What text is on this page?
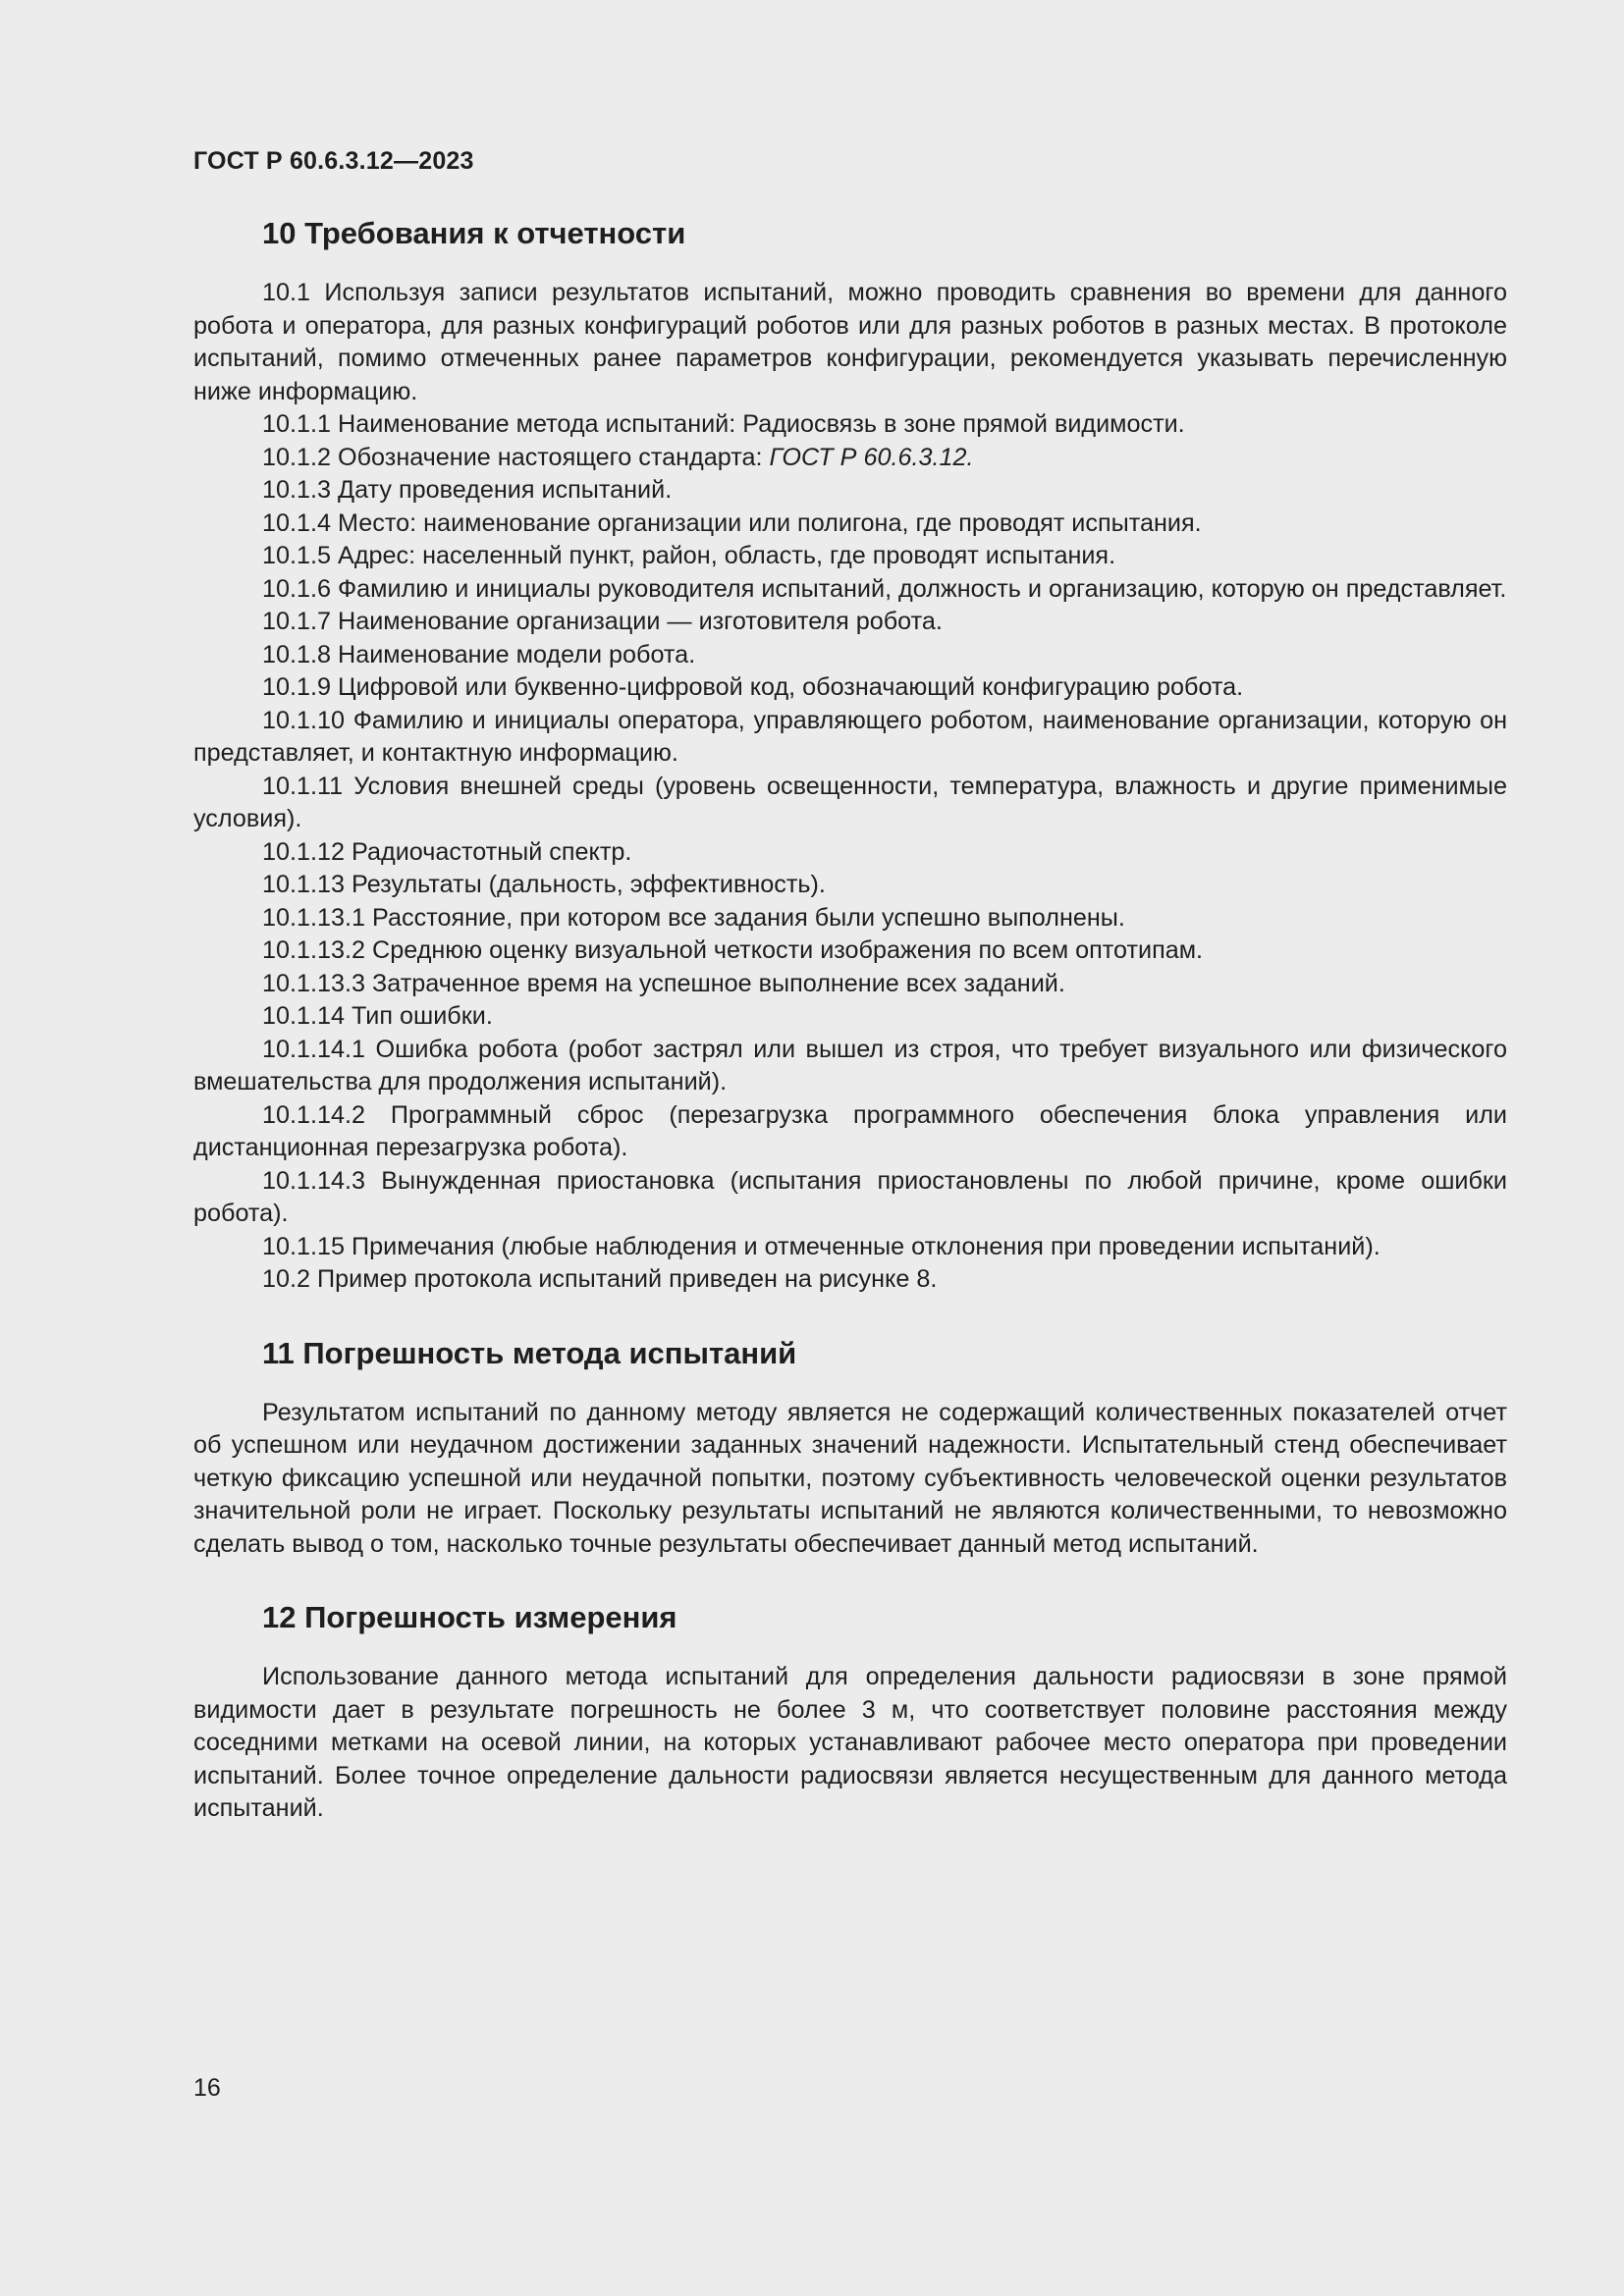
ГОСТ Р 60.6.3.12—2023
10 Требования к отчетности

10.1 Используя записи результатов испытаний, можно проводить сравнения во времени для данного робота и оператора, для разных конфигураций роботов или для разных роботов в разных местах. В протоколе испытаний, помимо отмеченных ранее параметров конфигурации, рекомендуется указывать перечисленную ниже информацию.

10.1.1 Наименование метода испытаний: Радиосвязь в зоне прямой видимости.

10.1.2 Обозначение настоящего стандарта: ГОСТ Р 60.6.3.12.

10.1.3 Дату проведения испытаний.

10.1.4 Место: наименование организации или полигона, где проводят испытания.

10.1.5 Адрес: населенный пункт, район, область, где проводят испытания.

10.1.6 Фамилию и инициалы руководителя испытаний, должность и организацию, которую он представляет.

10.1.7 Наименование организации — изготовителя робота.

10.1.8 Наименование модели робота.

10.1.9 Цифровой или буквенно-цифровой код, обозначающий конфигурацию робота.

10.1.10 Фамилию и инициалы оператора, управляющего роботом, наименование организации, которую он представляет, и контактную информацию.

10.1.11 Условия внешней среды (уровень освещенности, температура, влажность и другие применимые условия).

10.1.12 Радиочастотный спектр.

10.1.13 Результаты (дальность, эффективность).

10.1.13.1 Расстояние, при котором все задания были успешно выполнены.

10.1.13.2 Среднюю оценку визуальной четкости изображения по всем оптотипам.

10.1.13.3 Затраченное время на успешное выполнение всех заданий.

10.1.14 Тип ошибки.

10.1.14.1 Ошибка робота (робот застрял или вышел из строя, что требует визуального или физического вмешательства для продолжения испытаний).

10.1.14.2 Программный сброс (перезагрузка программного обеспечения блока управления или дистанционная перезагрузка робота).

10.1.14.3 Вынужденная приостановка (испытания приостановлены по любой причине, кроме ошибки робота).

10.1.15 Примечания (любые наблюдения и отмеченные отклонения при проведении испытаний).

10.2 Пример протокола испытаний приведен на рисунке 8.

11 Погрешность метода испытаний

Результатом испытаний по данному методу является не содержащий количественных показателей отчет об успешном или неудачном достижении заданных значений надежности. Испытательный стенд обеспечивает четкую фиксацию успешной или неудачной попытки, поэтому субъективность человеческой оценки результатов значительной роли не играет. Поскольку результаты испытаний не являются количественными, то невозможно сделать вывод о том, насколько точные результаты обеспечивает данный метод испытаний.

12 Погрешность измерения

Использование данного метода испытаний для определения дальности радиосвязи в зоне прямой видимости дает в результате погрешность не более 3 м, что соответствует половине расстояния между соседними метками на осевой линии, на которых устанавливают рабочее место оператора при проведении испытаний. Более точное определение дальности радиосвязи является несущественным для данного метода испытаний.

16
